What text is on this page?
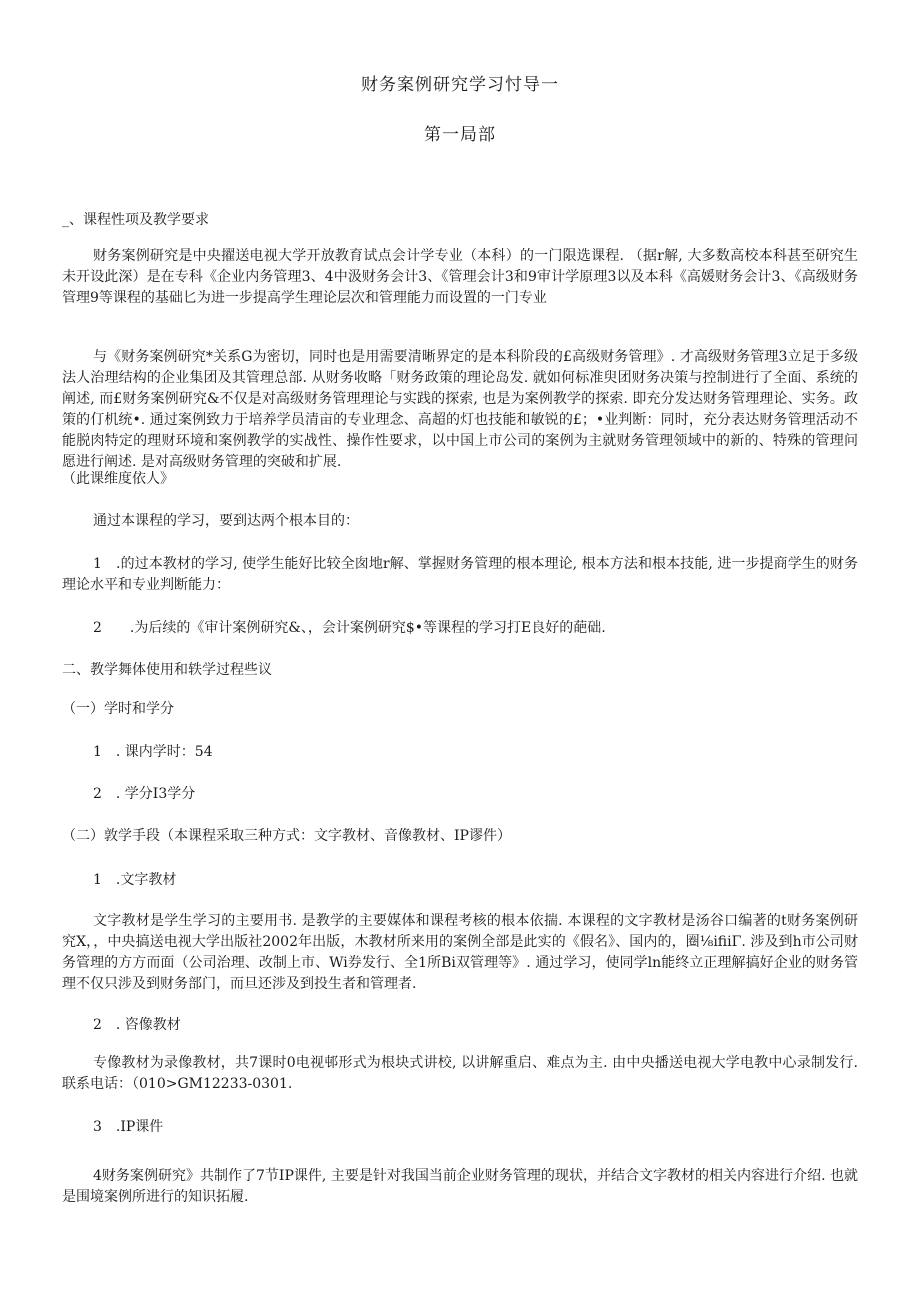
财务案例研究学习忖导一
第一局部
_、课程性项及教学要求
财务案例研究是中央擢送电视大学开放教育试点会计学专业（本科）的一门限选课程. （据r解, 大多数高校本科甚至研究生未开设此深）是在专科《企业内务管理3、4中汲财务会计3、《管理会计3和9审计学原理3以及本科《高媛财务会计3、《高级财务管理9等课程的基础匕为进一步提高学生理论层次和管理能力而设置的一门专业
与《财务案例研究*关系G为密切，同时也是用需要清晰界定的是本科阶段的£高级财务管理》. 才高级财务管理3立足于多级法人治理结构的企业集团及其管理总部. 从财务收略「财务政策的理论岛发. 就如何标准臾团财务决策与控制进行了全面、系统的阐述, 而£财务案例研究&不仅是对高级财务管理理论与实践的探索, 也是为案例教学的探索. 即充分发达财务管理理论、实务。政策的仃机统•. 通过案例致力于培养学员清亩的专业理念、高超的灯也技能和敏锐的£；•业判断：同时，充分表达财务管理活动不能脱肉特定的理财环境和案例教学的实战性、操作性要求，以中国上市公司的案例为主就财务管理领域中的新的、特殊的管理问愿进行阐述. 是对高级财务管理的突破和扩展.
（此课维度依人》
通过本课程的学习，要到达两个根本目的：
1　.的过本教材的学习, 使学生能好比较全囱地r解、掌握财务管理的根本理论, 根本方法和根本技能, 进一步提商学生的财务理论水平和专业判断能力：
2　　.为后续的《审计案例研究&、，会计案例研究$•等课程的学习打E良好的葩础.
二、教学舞体使用和轶学过程些议
（一）学时和学分
1　. 课内学时：54
2　. 学分I3学分
（二）敦学手段（本课程采取三种方式：文字教材、音像教材、IP谬件）
1　.文字教材
文字教材是学生学习的主要用书. 是教学的主要媒体和课程考核的根本依揣. 本课程的文字教材是汤谷口编著的t财务案例研究X，，中央搞送电视大学出版社2002年出版，木教材所来用的案例全部是此实的《假名》、国内的，圈⅛ifiiΓ. 涉及到h市公司财务管理的方方而面（公司治理、改制上市、Wi券发行、全1所Bi双管理等》. 通过学习，使同学ln能终立正理解搞好企业的财务管理不仅只涉及到财务部门，而旦还涉及到投生者和管理者.
2　. 咨像教材
专像教材为录像教材，共7课时0电视邨形式为根块式讲校, 以讲解重启、难点为主. 由中央播送电视大学电教中心录制发行. 联系电话：（010>GM12233-0301.
3　.IP课件
4财务案例研究》共制作了7节IP课件, 主要是针对我国当前企业财务管理的现状，并结合文字教材的相关内容进行介绍. 也就是围境案例所进行的知识拓履.
